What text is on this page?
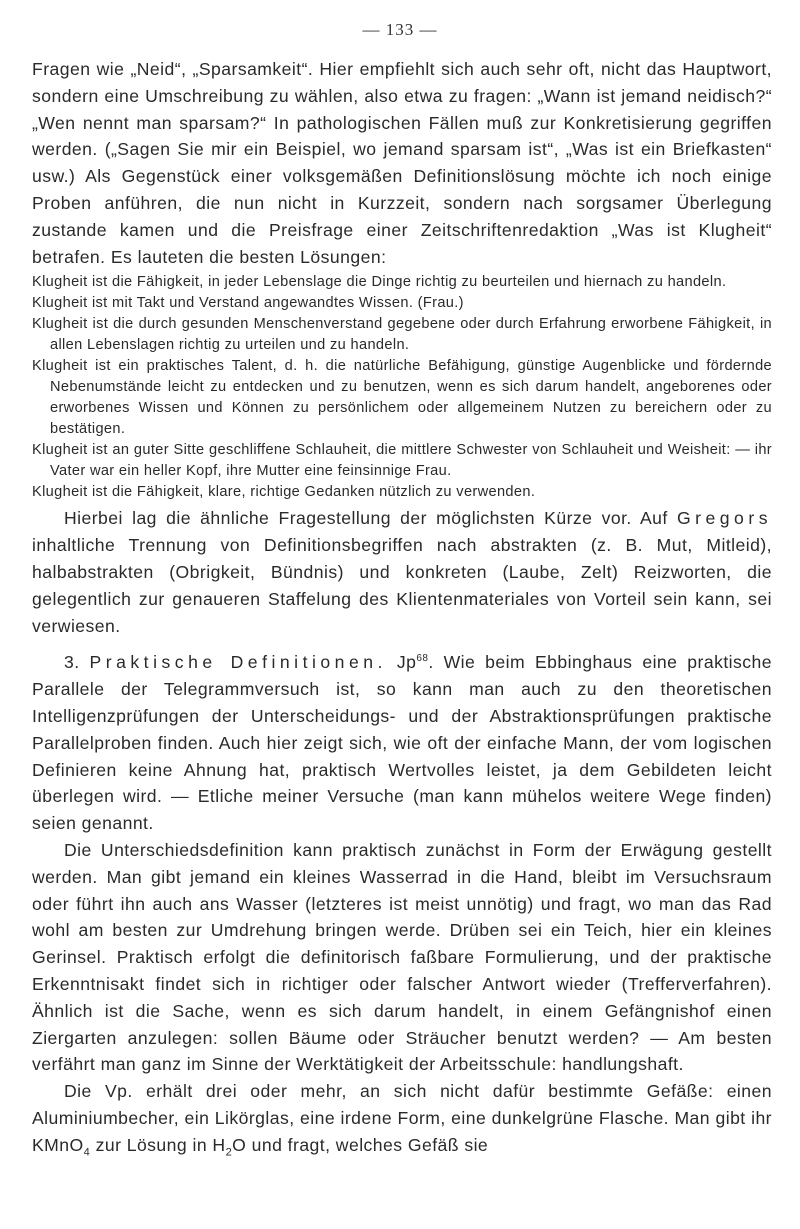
— 133 —

Fragen wie „Neid“, „Sparsamkeit“. Hier empfiehlt sich auch sehr oft, nicht das Hauptwort, sondern eine Umschreibung zu wählen, also etwa zu fragen: „Wann ist jemand neidisch?“ „Wen nennt man sparsam?“ In pathologischen Fällen muß zur Konkretisierung gegriffen werden. („Sagen Sie mir ein Beispiel, wo jemand sparsam ist“, „Was ist ein Briefkasten“ usw.) Als Gegenstück einer volksgemäßen Definitionslösung möchte ich noch einige Proben anführen, die nun nicht in Kurzzeit, sondern nach sorgsamer Überlegung zustande kamen und die Preisfrage einer Zeitschriftenredaktion „Was ist Klugheit“ betrafen. Es lauteten die besten Lösungen:

Klugheit ist die Fähigkeit, in jeder Lebenslage die Dinge richtig zu beurteilen und hiernach zu handeln.

Klugheit ist mit Takt und Verstand angewandtes Wissen. (Frau.)

Klugheit ist die durch gesunden Menschenverstand gegebene oder durch Erfahrung erworbene Fähigkeit, in allen Lebenslagen richtig zu urteilen und zu handeln.

Klugheit ist ein praktisches Talent, d. h. die natürliche Befähigung, günstige Augenblicke und fördernde Nebenumstände leicht zu entdecken und zu benutzen, wenn es sich darum handelt, angeborenes oder erworbenes Wissen und Können zu persönlichem oder allgemeinem Nutzen zu bereichern oder zu bestätigen.

Klugheit ist an guter Sitte geschliffene Schlauheit, die mittlere Schwester von Schlauheit und Weisheit: — ihr Vater war ein heller Kopf, ihre Mutter eine feinsinnige Frau.

Klugheit ist die Fähigkeit, klare, richtige Gedanken nützlich zu verwenden.

Hierbei lag die ähnliche Fragestellung der möglichsten Kürze vor. Auf Gregors inhaltliche Trennung von Definitionsbegriffen nach abstrakten (z. B. Mut, Mitleid), halbabstrakten (Obrigkeit, Bündnis) und konkreten (Laube, Zelt) Reizworten, die gelegentlich zur genaueren Staffelung des Klientenmateriales von Vorteil sein kann, sei verwiesen.

3. Praktische Definitionen. Jp$^{68}$. Wie beim Ebbinghaus eine praktische Parallele der Telegrammversuch ist, so kann man auch zu den theoretischen Intelligenzprüfungen der Unterscheidungs- und der Abstraktionsprüfungen praktische Parallelproben finden. Auch hier zeigt sich, wie oft der einfache Mann, der vom logischen Definieren keine Ahnung hat, praktisch Wertvolles leistet, ja dem Gebildeten leicht überlegen wird. — Etliche meiner Versuche (man kann mühelos weitere Wege finden) seien genannt.

Die Unterschiedsdefinition kann praktisch zunächst in Form der Erwägung gestellt werden. Man gibt jemand ein kleines Wasserrad in die Hand, bleibt im Versuchsraum oder führt ihn auch ans Wasser (letzteres ist meist unnötig) und fragt, wo man das Rad wohl am besten zur Umdrehung bringen werde. Drüben sei ein Teich, hier ein kleines Gerinsel. Praktisch erfolgt die definitorisch faßbare Formulierung, und der praktische Erkenntnisakt findet sich in richtiger oder falscher Antwort wieder (Trefferverfahren). Ähnlich ist die Sache, wenn es sich darum handelt, in einem Gefängnishof einen Ziergarten anzulegen: sollen Bäume oder Sträucher benutzt werden? — Am besten verfährt man ganz im Sinne der Werktätigkeit der Arbeitsschule: handlungshaft.

Die Vp. erhält drei oder mehr, an sich nicht dafür bestimmte Gefäße: einen Aluminiumbecher, ein Likörglas, eine irdene Form, eine dunkelgrüne Flasche. Man gibt ihr KMnO$_4$ zur Lösung in $H_2O$ und fragt, welches Gefäß sie
